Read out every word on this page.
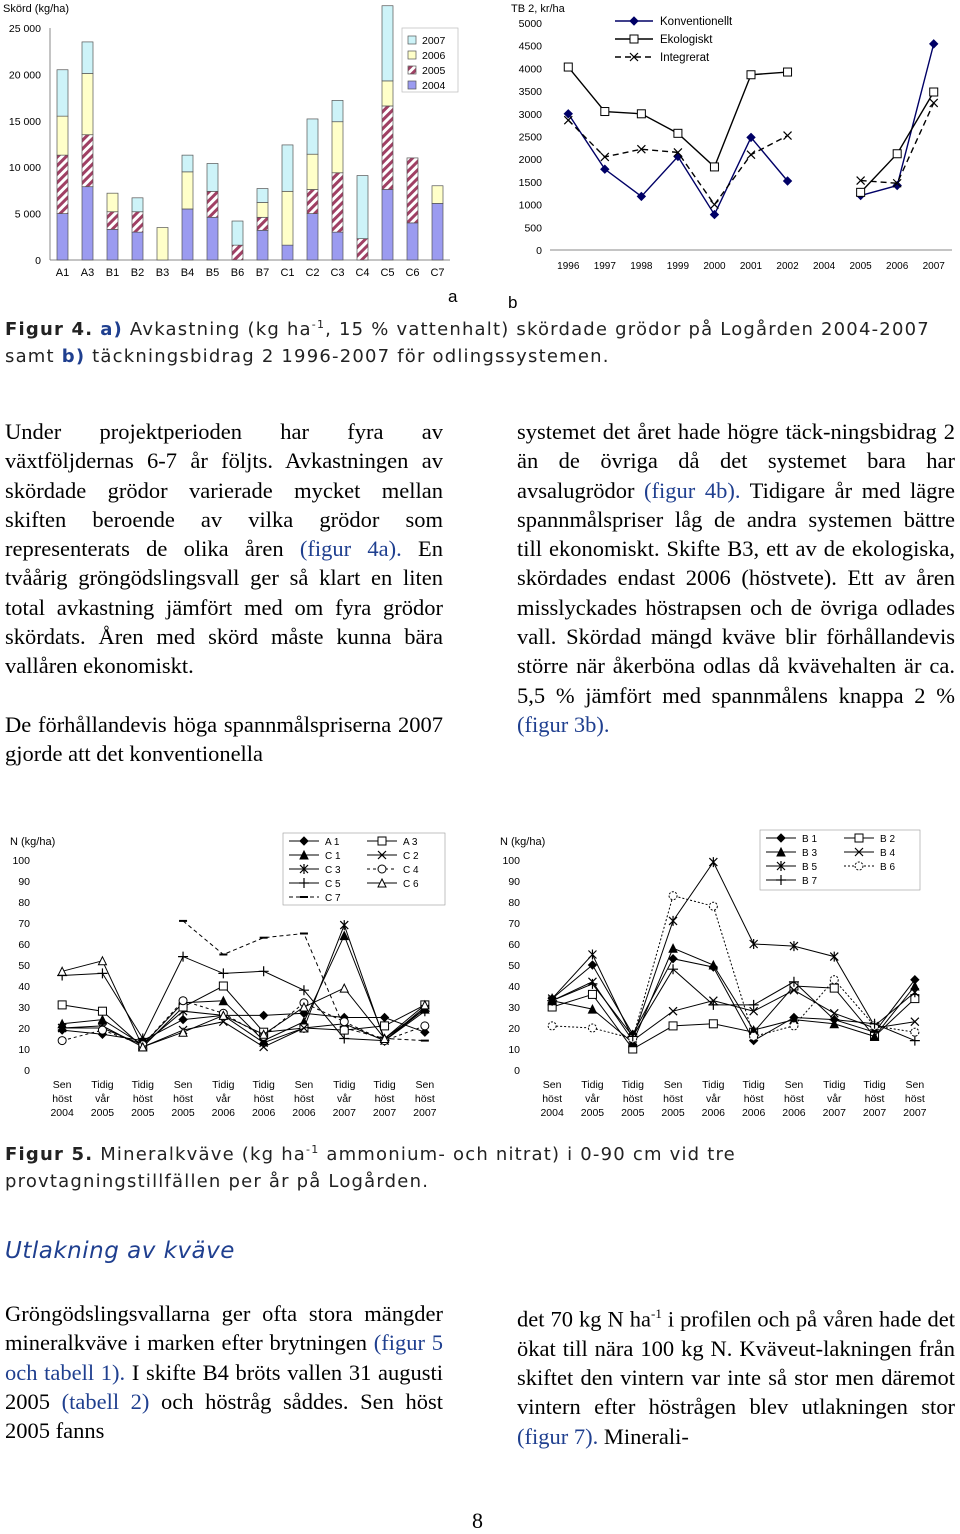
Skörd (kg/ha)
0
5 000
10 000
15 000
20 000
25 000
A1 A3 B1 B2 B3 B4 B5 B6 B7 C1 C2 C3 C4 C5 C6 C7
2007
2006
2005
2004
TB 2, kr/ha
0
500
1000
1500
2000
2500
3000
3500
4000
4500
5000
1996 1997 1998 1999 2000 2001 2002 2004 2005 2006 2007
Konventionellt
Ekologiskt
Integrerat
a	b
Figur 4. a) Avkastning (kg $ha^{-1}$, 15 % vattenhalt) skördade grödor på Logården 2004-2007 samt b) täckningsbidrag 2 1996-2007 för odlingssystemen.

Under projektperioden har fyra av växtföljdernas 6-7 år följts. Avkastningen av skördade grödor varierade mycket mellan skiften beroende av vilka grödor som representerats de olika åren (figur 4a). En tvåårig gröngödslingsvall ger så klart en liten total avkastning jämfört med om fyra grödor skördats. Åren med skörd måste kunna bära vallåren ekonomiskt.

De förhållandevis höga spannmålspriserna 2007 gjorde att det konventionella

systemet det året hade högre täck-ningsbidrag 2 än de övriga då det systemet bara har avsalugrödor (figur 4b). Tidigare år med lägre spannmålspriser låg de andra systemen bättre till ekonomiskt. Skifte B3, ett av de ekologiska, skördades endast 2006 (höstvete). Ett av åren misslyckades höstrapsen och de övriga odlades vall. Skördad mängd kväve blir förhållandevis större när åkerböna odlas då kvävehalten är ca. 5,5 % jämfört med spannmålens knappa 2 % (figur 3b).

N (kg/ha)
0
10
20
30
40
50
60
70
80
90
100
Sen
höst
2004
Tidig
vår
2005
Tidig
höst
2005
Sen
höst
2005
Tidig
vår
2006
Tidig
höst
2006
Sen
höst
2006
Tidig
vår
2007
Tidig
höst
2007
Sen
höst
2007
A 1	A 3
C 1	C 2
C 3	C 4
C 5	C 6
C 7
N (kg/ha)
0
10
20
30
40
50
60
70
80
90
100
Sen
höst
2004
Tidig
vår
2005
Tidig
höst
2005
Sen
höst
2005
Tidig
vår
2006
Tidig
höst
2006
Sen
höst
2006
Tidig
vår
2007
Tidig
höst
2007
Sen
höst
2007
B 1	B 2
B 3	B 4
B 5	B 6
B 7
Figur 5. Mineralkväve (kg $ha^{-1}$ ammonium- och nitrat) i 0-90 cm vid tre provtagningstillfällen per år på Logården.
Utlakning av kväve

Gröngödslingsvallarna ger ofta stora mängder mineralkväve i marken efter brytningen (figur 5 och tabell 1). I skifte B4 bröts vallen 31 augusti 2005 (tabell 2) och höstråg såddes. Sen höst 2005 fanns

det 70 kg N $ha^{-1}$ i profilen och på våren hade det ökat till nära 100 kg N. Kväveut-lakningen från skiftet den vintern var inte så stor men däremot vintern efter höstrågen blev utlakningen stor (figur 7). Minerali-

8
